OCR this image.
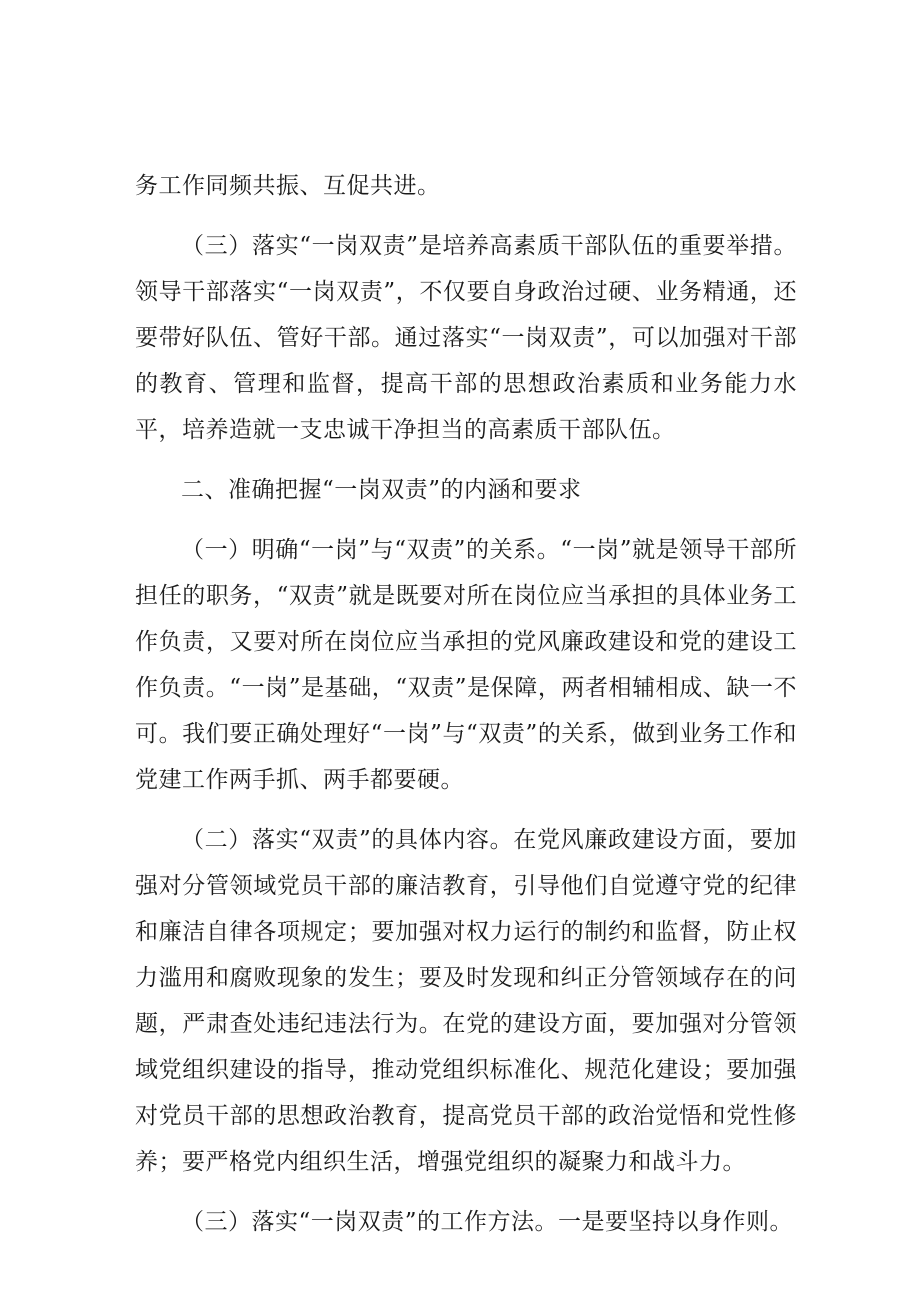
务工作同频共振、互促共进。

（三）落实“一岗双责”是培养高素质干部队伍的重要举措。领导干部落实“一岗双责”，不仅要自身政治过硬、业务精通，还要带好队伍、管好干部。通过落实“一岗双责”，可以加强对干部的教育、管理和监督，提高干部的思想政治素质和业务能力水平，培养造就一支忠诚干净担当的高素质干部队伍。

二、准确把握“一岗双责”的内涵和要求

（一）明确“一岗”与“双责”的关系。“一岗”就是领导干部所担任的职务，“双责”就是既要对所在岗位应当承担的具体业务工作负责，又要对所在岗位应当承担的党风廉政建设和党的建设工作负责。“一岗”是基础，“双责”是保障，两者相辅相成、缺一不可。我们要正确处理好“一岗”与“双责”的关系，做到业务工作和党建工作两手抓、两手都要硬。

（二）落实“双责”的具体内容。在党风廉政建设方面，要加强对分管领域党员干部的廉洁教育，引导他们自觉遵守党的纪律和廉洁自律各项规定；要加强对权力运行的制约和监督，防止权力滥用和腐败现象的发生；要及时发现和纠正分管领域存在的问题，严肃查处违纪违法行为。在党的建设方面，要加强对分管领域党组织建设的指导，推动党组织标准化、规范化建设；要加强对党员干部的思想政治教育，提高党员干部的政治觉悟和党性修养；要严格党内组织生活，增强党组织的凝聚力和战斗力。

（三）落实“一岗双责”的工作方法。一是要坚持以身作则。
